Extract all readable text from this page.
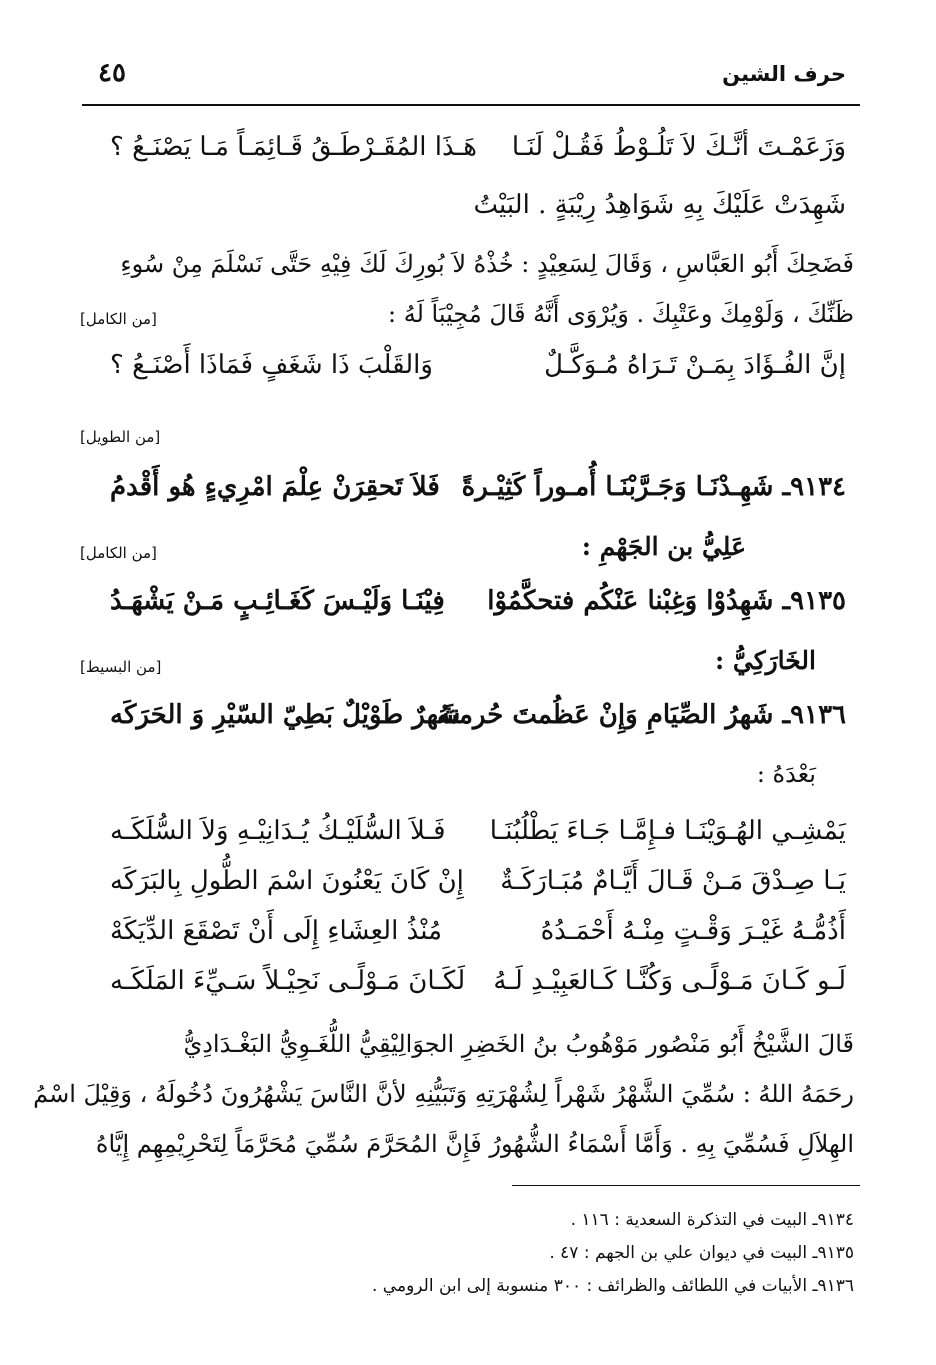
حرف الشين
٤٥
وَزَعَمْـتَ أنَّـكَ لاَ تَلُـوْطُ فَقُـلْ لَنَـا
هَـذَا المُقَـرْطَـقُ قَـائِمَـاً مَـا يَصْنَـعُ ؟
شَهِدَتْ عَلَيْكَ بِهِ شَوَاهِدُ رِيْبَةٍ . البَيْتُ
فَضَحِكَ أَبُو العَبَّاسِ ، وَقَالَ لِسَعِيْدٍ : خُذْهُ لاَ بُورِكَ لَكَ فِيْهِ حَتَّى نَسْلَمَ مِنْ سُوءِ
ظَنِّكَ ، وَلَوْمِكَ وعَتْبِكَ . وَيُرْوَى أَنَّهُ قَالَ مُجِيْبَاً لَهُ :
[من الكامل]
إنَّ الفُـؤَادَ بِمَـنْ تَـرَاهُ مُـوَكَّـلٌ
وَالقَلْبَ ذَا شَغَفٍ فَمَاذَا أَصْنَـعُ ؟
[من الطويل]
٩١٣٤ـ شَهِـدْنَـا وَجَـرَّبْنَـا أُمـوراً كَثِيْـرةً
فَلاَ تَحقِرَنْ عِلْمَ امْرِيءٍ هُو أَقْدمُ
عَلِيُّ بن الجَهْمِ :
[من الكامل]
٩١٣٥ـ شَهِدُوْا وَغِبْنا عَنْكُم فتحكَّمُوْا
فِيْنَـا وَلَيْـسَ كَغَـائِـبٍ مَـنْ يَشْهَـدُ
الخَارَكِيُّ :
[من البسيط]
٩١٣٦ـ شَهرُ الصِّيَامِ وَإِنْ عَظُمتَ حُرمتهُ
شَهرٌ طَوْيْلٌ بَطِيّ السّيْرِ وَ الحَرَكَه
بَعْدَهُ :
يَمْشِـي الهُـوَيْنَـا فـإِمَّـا جَـاءَ يَطْلُبُنَـا
فَـلاَ السُّلَيْـكُ يُـدَانِيْـهِ وَلاَ السُّلَكَـه
يَـا صِـدْقَ مَـنْ قَـالَ أَيَّـامٌ مُبَـارَكَـةٌ
إِنْ كَانَ يَعْنُونَ اسْمَ الطُّولِ بِالبَرَكَه
أَذُمُّـهُ غَيْـرَ وَقْـتٍ مِنْـهُ أَحْمَـدُهُ
مُنْذُ العِشَاءِ إِلَى أَنْ تَصْقَعَ الدِّيَكَهْ
لَـو كَـانَ مَـوْلًـى وَكُنَّـا كَـالعَبِيْـدِ لَـهُ
لَكَـانَ مَـوْلًـى نَحِيْـلاً سَـيِّءَ المَلَكَـه
قَالَ الشَّيْخُ أَبُو مَنْصُور مَوْهُوبُ بنُ الخَضِرِ الجوَالِيْقِيُّ اللُّغَـوِيُّ البَغْـدَادِيُّ
رحَمَهُ اللهُ : سُمِّيَ الشَّهْرُ شَهْراً لِشُهْرَتِهِ وَتَبَيُّنِهِ لأنَّ النَّاسَ يَشْهُرُونَ دُخُولَهُ ، وَقِيْلَ اسْمُ
الهِلاَلِ فَسُمِّيَ بِهِ . وَأَمَّا أَسْمَاءُ الشُّهُورُ فَإِنَّ المُحَرَّمَ سُمِّيَ مُحَرَّمَاً لِتَحْرِيْمِهِم إِيَّاهُ
٩١٣٤ـ البيت في التذكرة السعدية : ١١٦ .
٩١٣٥ـ البيت في ديوان علي بن الجهم : ٤٧ .
٩١٣٦ـ الأبيات في اللطائف والظرائف : ٣٠٠ منسوبة إلى ابن الرومي .
